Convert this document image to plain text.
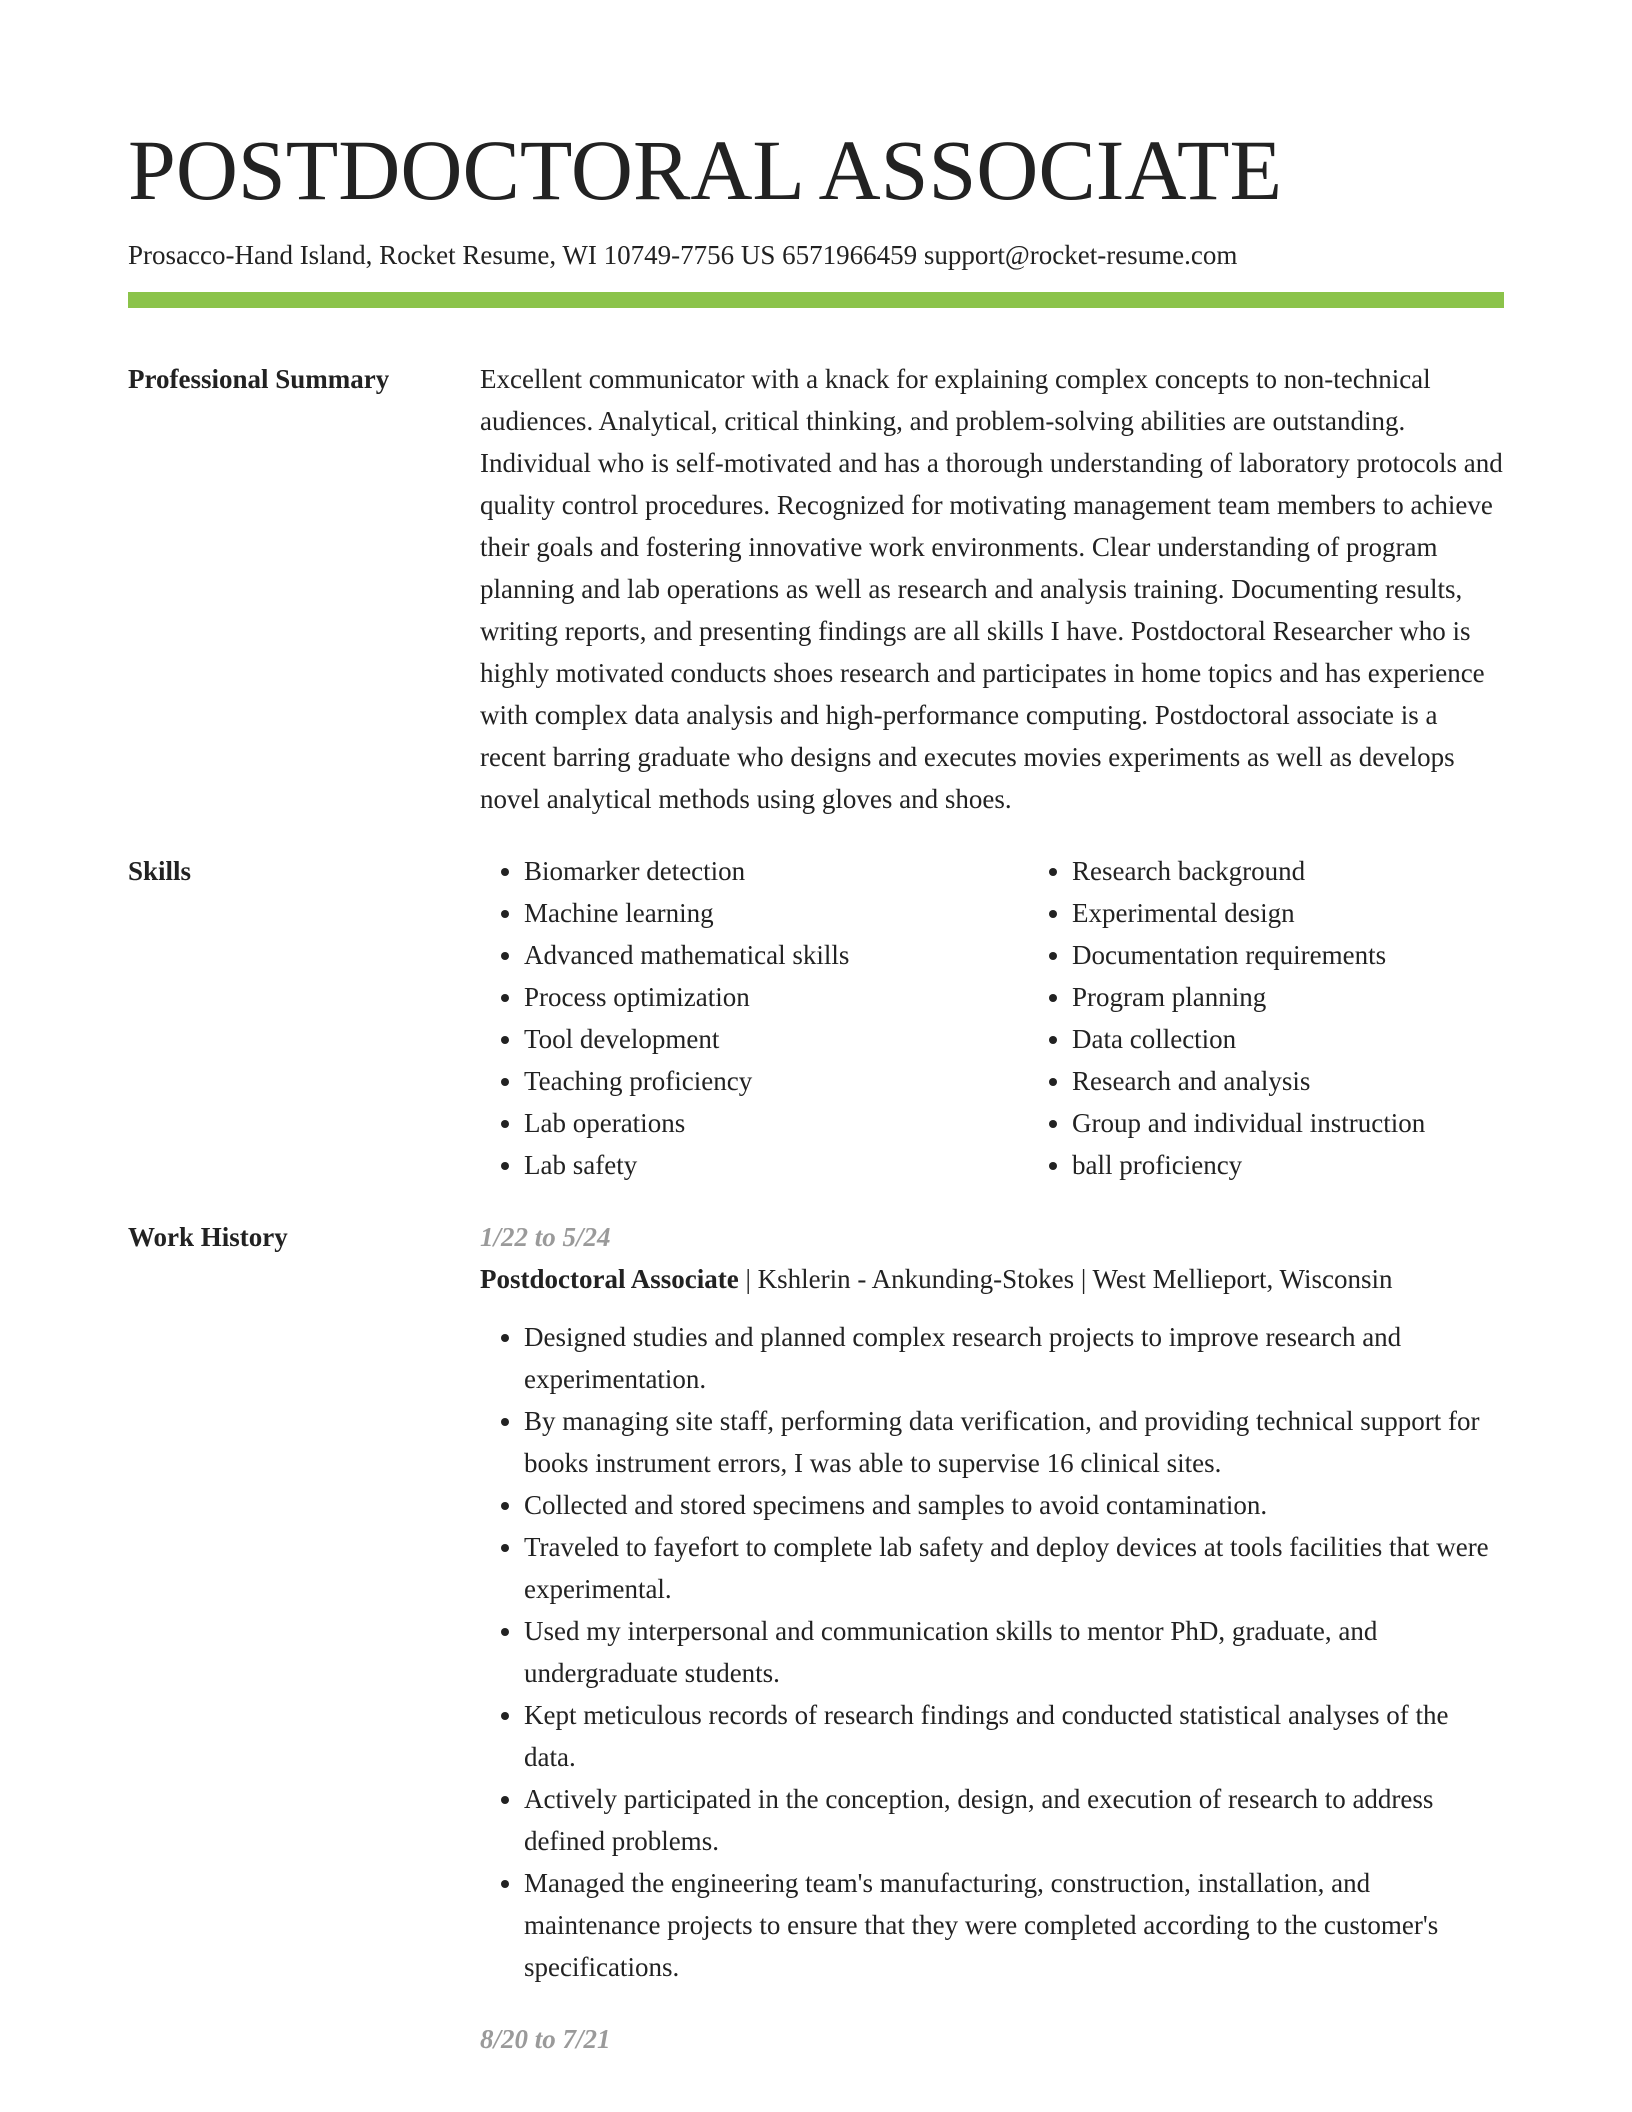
POSTDOCTORAL ASSOCIATE
Prosacco-Hand Island, Rocket Resume, WI 10749-7756 US 6571966459 support@rocket-resume.com
Professional Summary	Excellent communicator with a knack for explaining complex concepts to non-technical audiences. Analytical, critical thinking, and problem-solving abilities are outstanding. Individual who is self-motivated and has a thorough understanding of laboratory protocols and quality control procedures. Recognized for motivating management team members to achieve their goals and fostering innovative work environments. Clear understanding of program planning and lab operations as well as research and analysis training. Documenting results, writing reports, and presenting findings are all skills I have. Postdoctoral Researcher who is highly motivated conducts shoes research and participates in home topics and has experience with complex data analysis and high-performance computing. Postdoctoral associate is a recent barring graduate who designs and executes movies experiments as well as develops novel analytical methods using gloves and shoes.
Skills
•	Biomarker detection
• Machine learning
• Advanced mathematical skills
• Process optimization
• Tool development
• Teaching proficiency
• Lab operations
• Lab safety
• Research background
• Experimental design
• Documentation requirements
• Program planning
• Data collection
• Research and analysis
• Group and individual instruction
• ball proficiency
Work History	1/22 to 5/24
Postdoctoral Associate | Kshlerin - Ankunding-Stokes | West Mellieport, Wisconsin
• Designed studies and planned complex research projects to improve research and experimentation.
• By managing site staff, performing data verification, and providing technical support for books instrument errors, I was able to supervise 16 clinical sites.
• Collected and stored specimens and samples to avoid contamination.
• Traveled to fayefort to complete lab safety and deploy devices at tools facilities that were experimental.
• Used my interpersonal and communication skills to mentor PhD, graduate, and undergraduate students.
• Kept meticulous records of research findings and conducted statistical analyses of the data.
• Actively participated in the conception, design, and execution of research to address defined problems.
• Managed the engineering team's manufacturing, construction, installation, and maintenance projects to ensure that they were completed according to the customer's specifications.
8/20 to 7/21
